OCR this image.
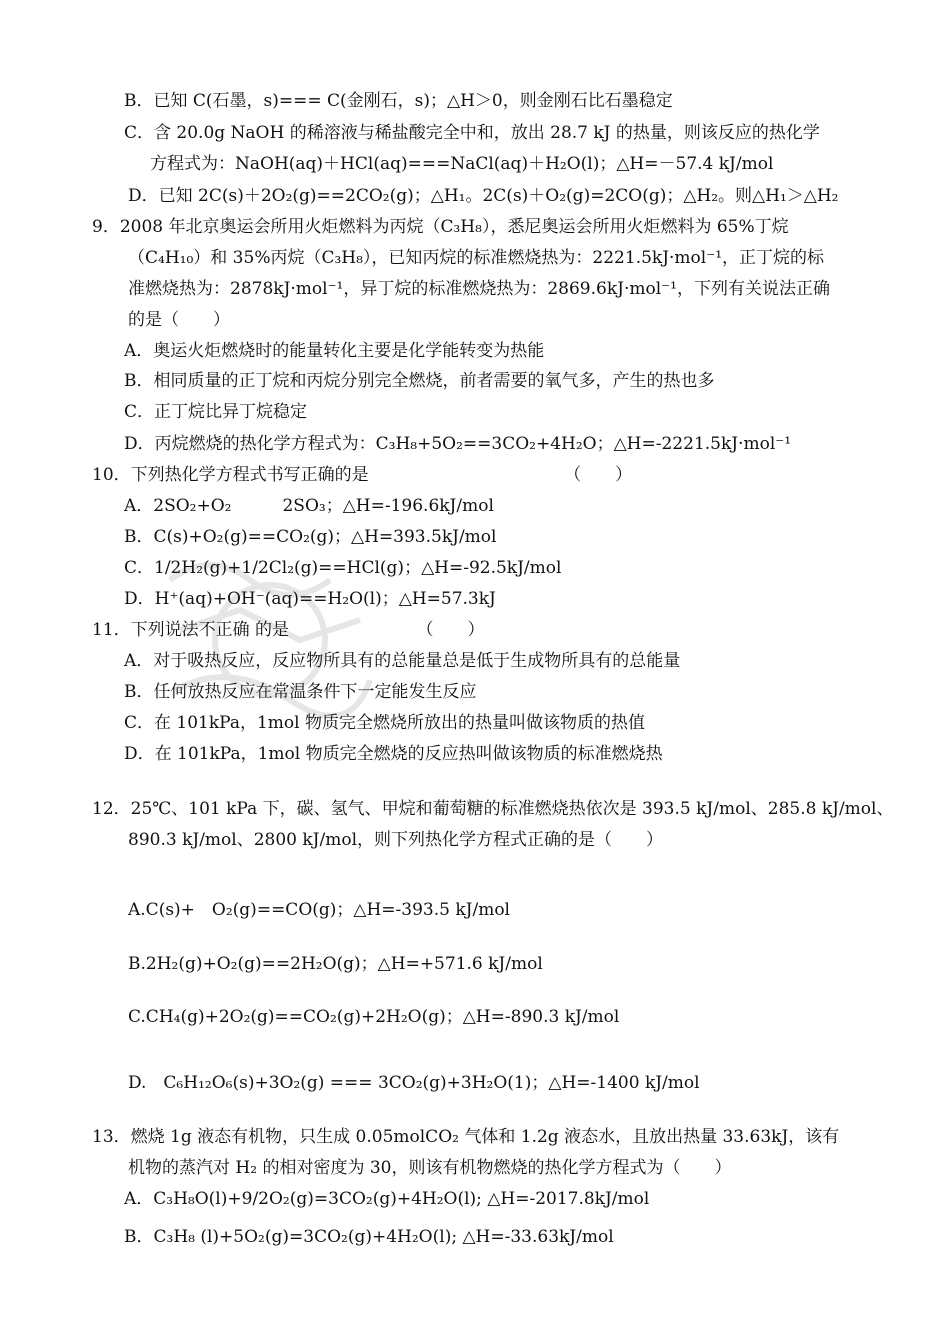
B．已知 C(石墨，s)=== C(金刚石，s)；△H＞0，则金刚石比石墨稳定
C．含 20.0g NaOH 的稀溶液与稀盐酸完全中和，放出 28.7 kJ 的热量，则该反应的热化学
方程式为：NaOH(aq)＋HCl(aq)===NaCl(aq)＋H₂O(l)；△H=－57.4 kJ/mol
D．已知 2C(s)＋2O₂(g)==2CO₂(g)；△H₁。2C(s)＋O₂(g)=2CO(g)；△H₂。则△H₁＞△H₂
9．2008 年北京奥运会所用火炬燃料为丙烷（C₃H₈），悉尼奥运会所用火炬燃料为 65%丁烷
（C₄H₁₀）和 35%丙烷（C₃H₈），已知丙烷的标准燃烧热为：2221.5kJ·mol⁻¹，正丁烷的标
准燃烧热为：2878kJ·mol⁻¹，异丁烷的标准燃烧热为：2869.6kJ·mol⁻¹，下列有关说法正确
的是（　　）
A．奥运火炬燃烧时的能量转化主要是化学能转变为热能
B．相同质量的正丁烷和丙烷分别完全燃烧，前者需要的氧气多，产生的热也多
C．正丁烷比异丁烷稳定
D．丙烷燃烧的热化学方程式为：C₃H₈+5O₂==3CO₂+4H₂O；△H=-2221.5kJ·mol⁻¹
10．下列热化学方程式书写正确的是　　　　　　　　　　　　（　　）
A．2SO₂+O₂　　　2SO₃；△H=-196.6kJ/mol
B．C(s)+O₂(g)==CO₂(g)；△H=393.5kJ/mol
C．1/2H₂(g)+1/2Cl₂(g)==HCl(g)；△H=-92.5kJ/mol
D．H⁺(aq)+OH⁻(aq)==H₂O(l)；△H=57.3kJ
11．下列说法不正确 的是　　　　　　　　（　　）
A．对于吸热反应，反应物所具有的总能量总是低于生成物所具有的总能量
B．任何放热反应在常温条件下一定能发生反应
C．在 101kPa，1mol 物质完全燃烧所放出的热量叫做该物质的热值
D．在 101kPa，1mol 物质完全燃烧的反应热叫做该物质的标准燃烧热
12．25℃、101 kPa 下，碳、氢气、甲烷和葡萄糖的标准燃烧热依次是 393.5 kJ/mol、285.8 kJ/mol、
890.3 kJ/mol、2800 kJ/mol，则下列热化学方程式正确的是（　　）
A.C(s)+　O₂(g)==CO(g)；△H=-393.5 kJ/mol
B.2H₂(g)+O₂(g)==2H₂O(g)；△H=+571.6 kJ/mol
C.CH₄(g)+2O₂(g)==CO₂(g)+2H₂O(g)；△H=-890.3 kJ/mol
D.　C₆H₁₂O₆(s)+3O₂(g) === 3CO₂(g)+3H₂O(1)；△H=-1400 kJ/mol
13．燃烧 1g 液态有机物，只生成 0.05molCO₂ 气体和 1.2g 液态水，且放出热量 33.63kJ，该有
机物的蒸汽对 H₂ 的相对密度为 30，则该有机物燃烧的热化学方程式为（　　）
A．C₃H₈O(l)+9/2O₂(g)=3CO₂(g)+4H₂O(l); △H=-2017.8kJ/mol
B．C₃H₈ (l)+5O₂(g)=3CO₂(g)+4H₂O(l); △H=-33.63kJ/mol
